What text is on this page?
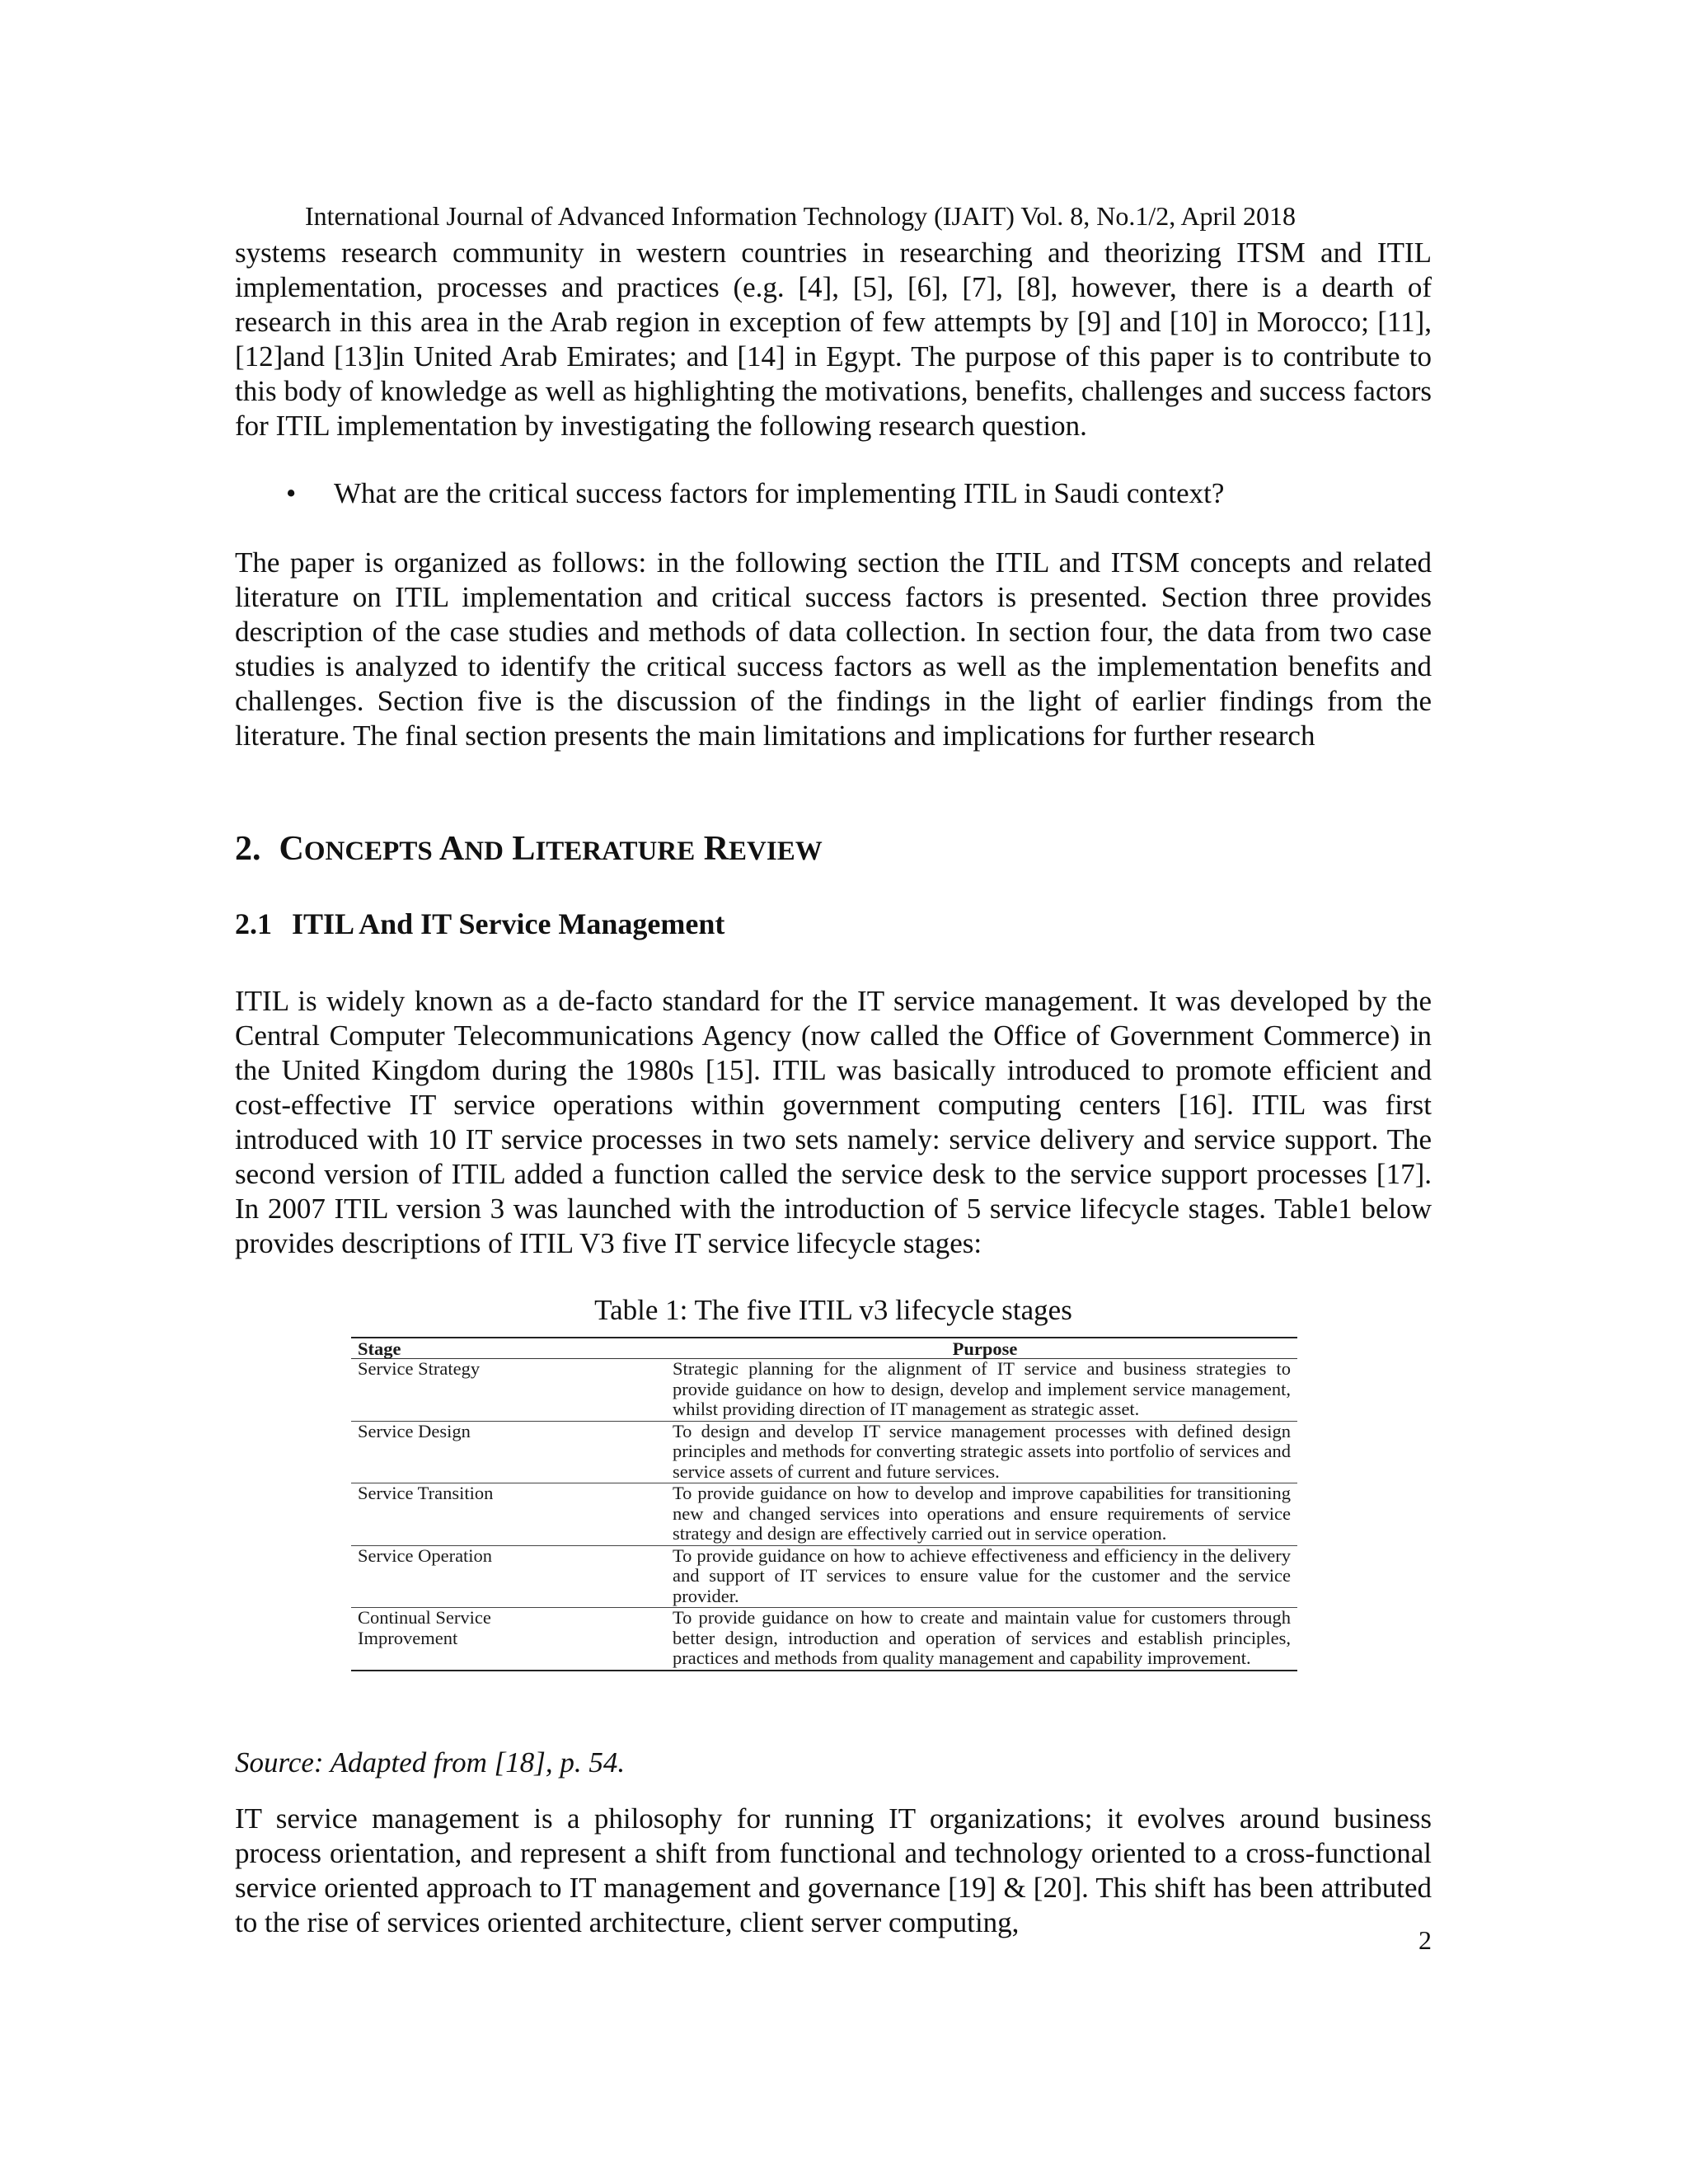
International Journal of Advanced Information Technology (IJAIT) Vol. 8, No.1/2, April 2018

systems research community in western countries in researching and theorizing ITSM and ITIL implementation, processes and practices (e.g. [4], [5], [6], [7], [8], however, there is a dearth of research in this area in the Arab region in exception of few attempts by [9] and [10] in Morocco; [11], [12]and [13]in United Arab Emirates; and [14] in Egypt. The purpose of this paper is to contribute to this body of knowledge as well as highlighting the motivations, benefits, challenges and success factors for ITIL implementation by investigating the following research question.

•	What are the critical success factors for implementing ITIL in Saudi context?

The paper is organized as follows: in the following section the ITIL and ITSM concepts and related literature on ITIL implementation and critical success factors is presented. Section three provides description of the case studies and methods of data collection. In section four, the data from two case studies is analyzed to identify the critical success factors as well as the implementation benefits and challenges. Section five is the discussion of the findings in the light of earlier findings from the literature. The final section presents the main limitations and implications for further research

2. CONCEPTS AND LITERATURE REVIEW
2.1 ITIL And IT Service Management

ITIL is widely known as a de-facto standard for the IT service management. It was developed by the Central Computer Telecommunications Agency (now called the Office of Government Commerce) in the United Kingdom during the 1980s [15]. ITIL was basically introduced to promote efficient and cost-effective IT service operations within government computing centers [16]. ITIL was first introduced with 10 IT service processes in two sets namely: service delivery and service support. The second version of ITIL added a function called the service desk to the service support processes [17]. In 2007 ITIL version 3 was launched with the introduction of 5 service lifecycle stages. Table1 below provides descriptions of ITIL V3 five IT service lifecycle stages:

Table 1: The five ITIL v3 lifecycle stages
Stage	Purpose
Service Strategy	Strategic planning for the alignment of IT service and business strategies to provide guidance on how to design, develop and implement service management, whilst providing direction of IT management as strategic asset.
Service Design	To design and develop IT service management processes with defined design principles and methods for converting strategic assets into portfolio of services and service assets of current and future services.
Service Transition	To provide guidance on how to develop and improve capabilities for transitioning new and changed services into operations and ensure requirements of service strategy and design are effectively carried out in service operation.
Service Operation	To provide guidance on how to achieve effectiveness and efficiency in the delivery and support of IT services to ensure value for the customer and the service provider.
Continual Service Improvement	To provide guidance on how to create and maintain value for customers through better design, introduction and operation of services and establish principles, practices and methods from quality management and capability improvement.
Source: Adapted from [18], p. 54.

IT service management is a philosophy for running IT organizations; it evolves around business process orientation, and represent a shift from functional and technology oriented to a cross-functional service oriented approach to IT management and governance [19] & [20]. This shift has been attributed to the rise of services oriented architecture, client server computing,

2
